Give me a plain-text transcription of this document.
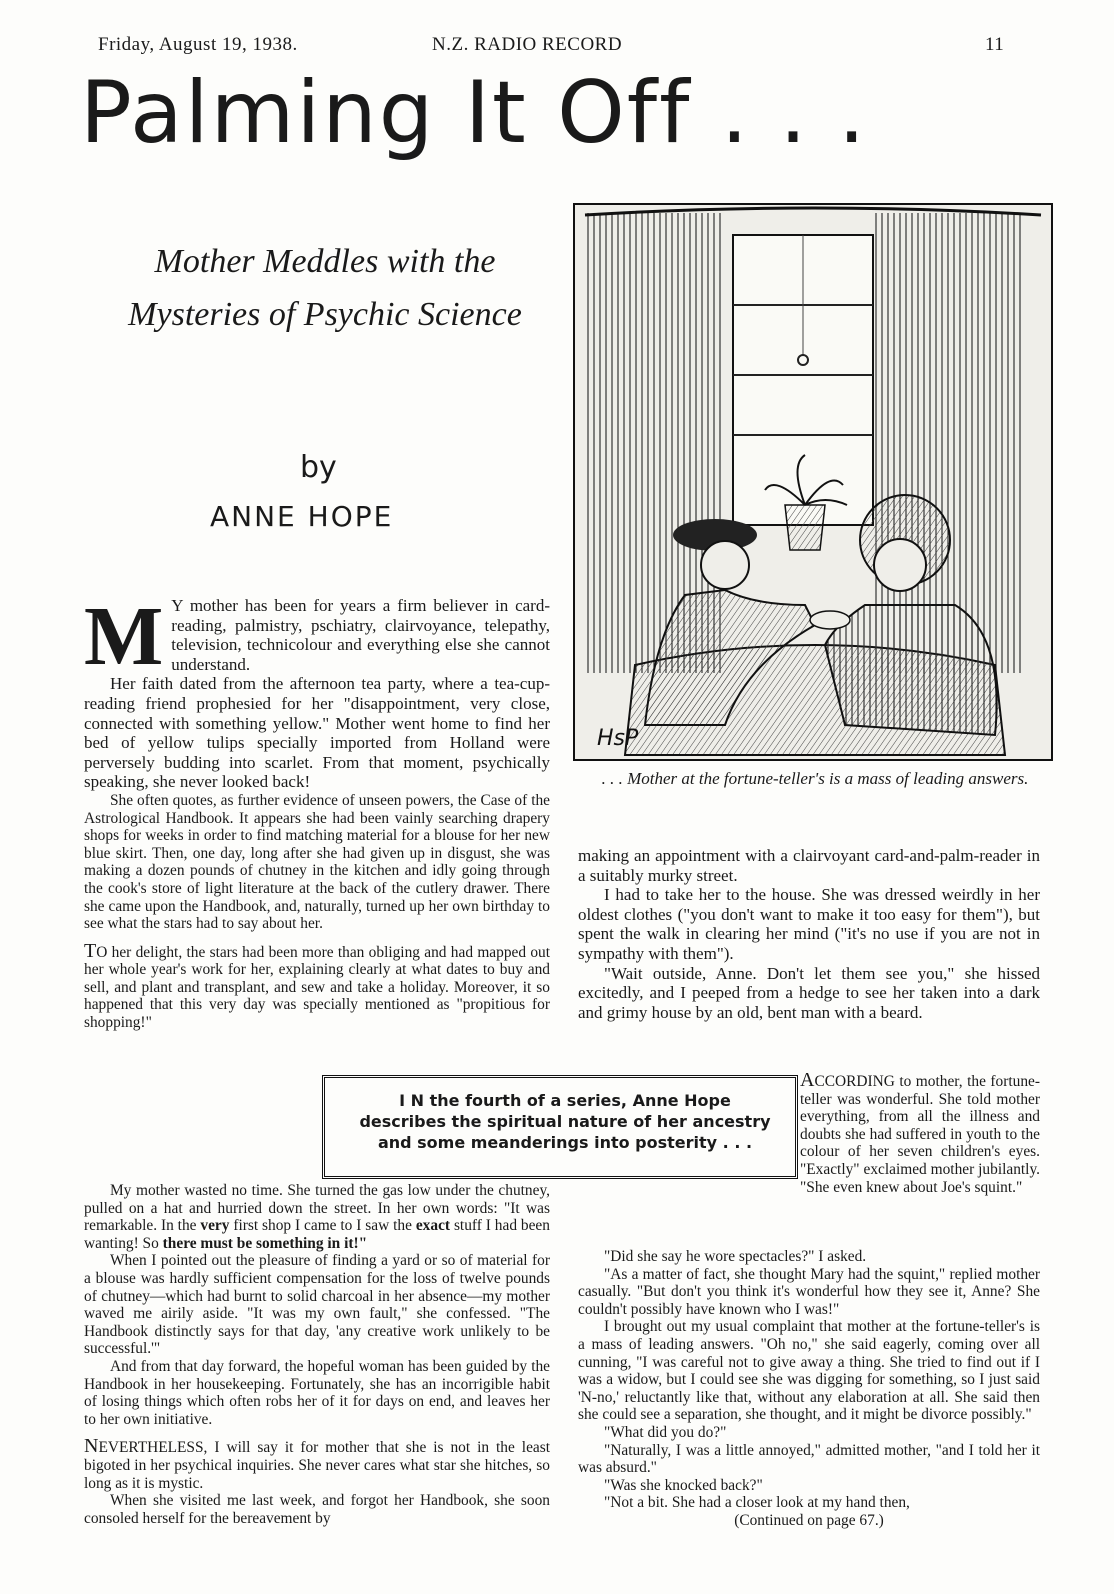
Friday, August 19, 1938.	N.Z. RADIO RECORD	11
Palming It Off . . .
Mother Meddles with the Mysteries of Psychic Science
by
ANNE HOPE
HsP
. . . Mother at the fortune-teller's is a mass of leading answers.

M Y mother has been for years a firm believer in card-reading, palmistry, pschiatry, clairvoyance, telepathy, television, technicolour and everything else she cannot understand.

Her faith dated from the afternoon tea party, where a tea-cup-reading friend prophesied for her "disappointment, very close, connected with something yellow." Mother went home to find her bed of yellow tulips specially imported from Holland were perversely budding into scarlet. From that moment, psychically speaking, she never looked back!

She often quotes, as further evidence of unseen powers, the Case of the Astrological Handbook. It appears she had been vainly searching drapery shops for weeks in order to find matching material for a blouse for her new blue skirt. Then, one day, long after she had given up in disgust, she was making a dozen pounds of chutney in the kitchen and idly going through the cook's store of light literature at the back of the cutlery drawer. There she came upon the Handbook, and, naturally, turned up her own birthday to see what the stars had to say about her.

TO her delight, the stars had been more than obliging and had mapped out her whole year's work for her, explaining clearly at what dates to buy and sell, and plant and transplant, and sew and take a holiday. Moreover, it so happened that this very day was specially mentioned as "propitious for shopping!"

My mother wasted no time. She turned the gas low under the chutney, pulled on a hat and hurried down the street. In her own words: "It was remarkable. In the very first shop I came to I saw the exact stuff I had been wanting! So there must be something in it!"

When I pointed out the pleasure of finding a yard or so of material for a blouse was hardly sufficient compensation for the loss of twelve pounds of chutney—which had burnt to solid charcoal in her absence—my mother waved me airily aside. "It was my own fault," she confessed. "The Handbook distinctly says for that day, 'any creative work unlikely to be successful.'"

And from that day forward, the hopeful woman has been guided by the Handbook in her housekeeping. Fortunately, she has an incorrigible habit of losing things which often robs her of it for days on end, and leaves her to her own initiative.

NEVERTHELESS, I will say it for mother that she is not in the least bigoted in her psychical inquiries. She never cares what star she hitches, so long as it is mystic.

When she visited me last week, and forgot her Handbook, she soon consoled herself for the bereavement by

making an appointment with a clairvoyant card-and-palm-reader in a suitably murky street.

I had to take her to the house. She was dressed weirdly in her oldest clothes ("you don't want to make it too easy for them"), but spent the walk in clearing her mind ("it's no use if you are not in sympathy with them").

"Wait outside, Anne. Don't let them see you," she hissed excitedly, and I peeped from a hedge to see her taken into a dark and grimy house by an old, bent man with a beard.

ACCORDING to mother, the fortune-teller was wonderful. She told mother everything, from all the illness and doubts she had suffered in youth to the colour of her seven children's eyes. "Exactly" exclaimed mother jubilantly. "She even knew about Joe's squint."

"Did she say he wore spectacles?" I asked.

"As a matter of fact, she thought Mary had the squint," replied mother casually. "But don't you think it's wonderful how they see it, Anne? She couldn't possibly have known who I was!"

I brought out my usual complaint that mother at the fortune-teller's is a mass of leading answers. "Oh no," she said eagerly, coming over all cunning, "I was careful not to give away a thing. She tried to find out if I was a widow, but I could see she was digging for something, so I just said 'N-no,' reluctantly like that, without any elaboration at all. She said then she could see a separation, she thought, and it might be divorce possibly."

"What did you do?"

"Naturally, I was a little annoyed," admitted mother, "and I told her it was absurd."

"Was she knocked back?"

"Not a bit. She had a closer look at my hand then,

(Continued on page 67.)

I N the fourth of a series, Anne Hope describes the spiritual nature of her ancestry and some meanderings into posterity . . .
